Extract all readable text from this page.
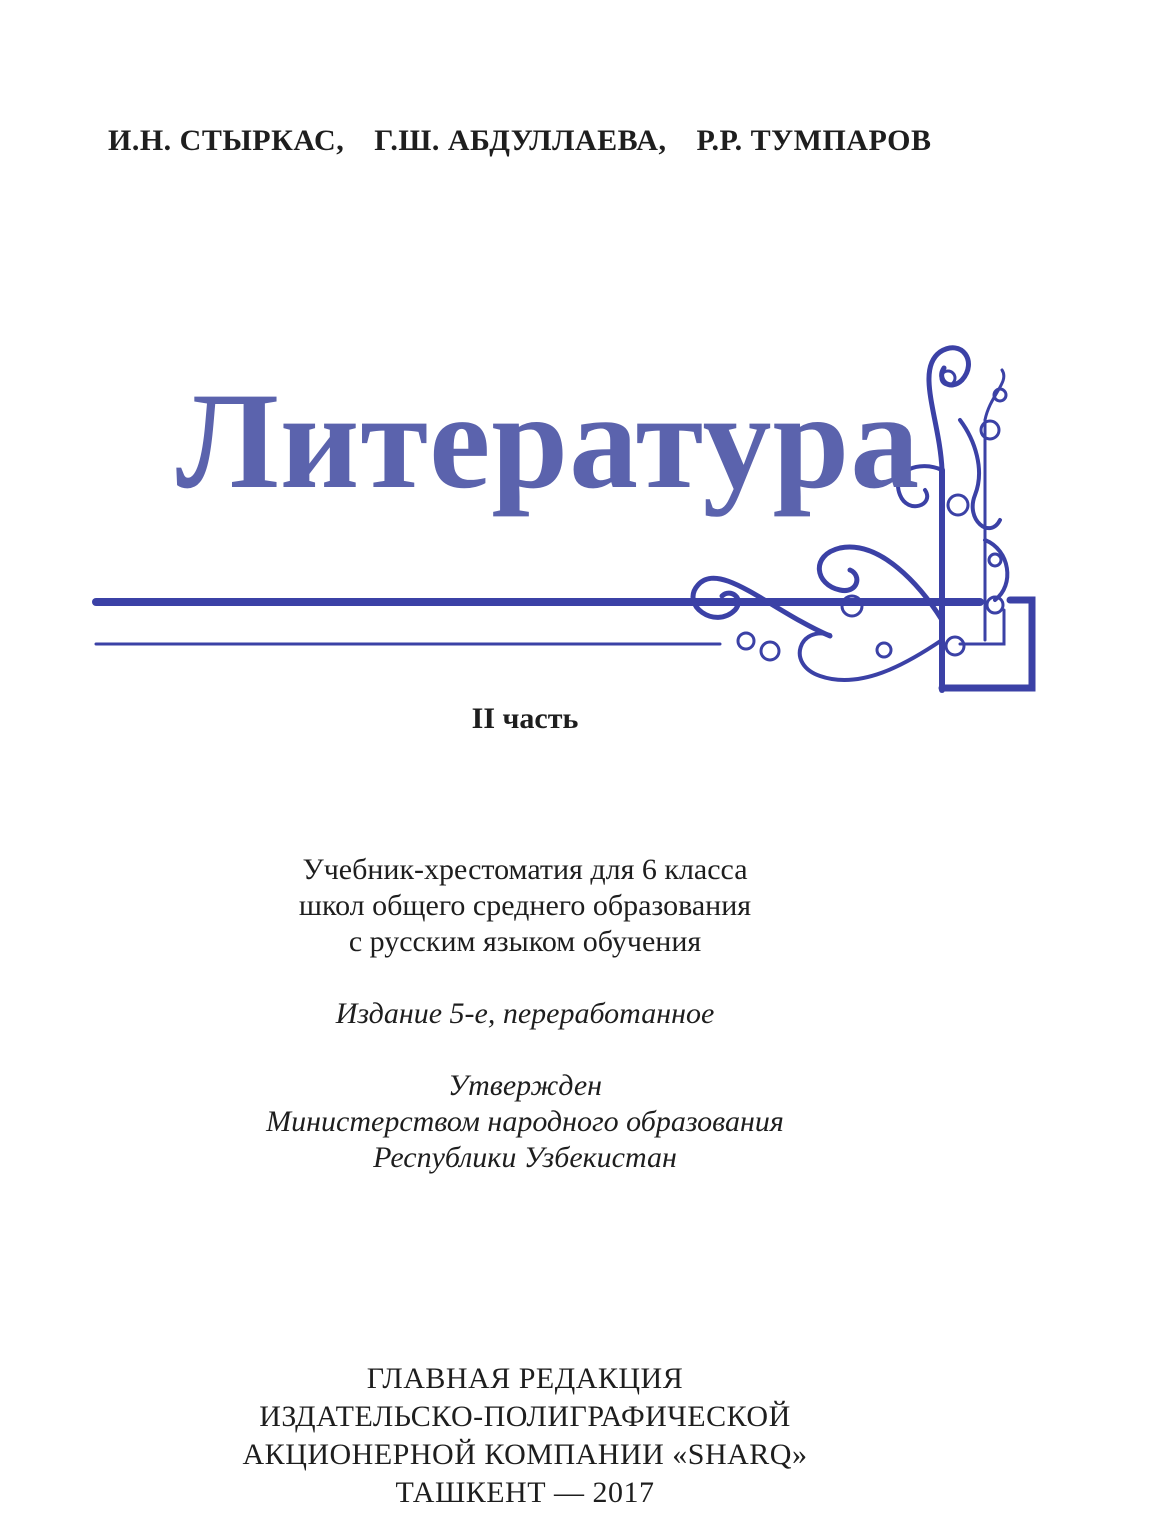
И.Н. СТЫРКАС, Г.Ш. АБДУЛЛАЕВА, Р.Р. ТУМПАРОВ
Литература
II часть
Учебник-хрестоматия для 6 класса
школ общего среднего образования
с русским языком обучения
Издание 5-е, переработанное
Утвержден
Министерством народного образования
Республики Узбекистан
ГЛАВНАЯ РЕДАКЦИЯ
ИЗДАТЕЛЬСКО-ПОЛИГРАФИЧЕСКОЙ
АКЦИОНЕРНОЙ КОМПАНИИ «SHARQ»
ТАШКЕНТ — 2017
